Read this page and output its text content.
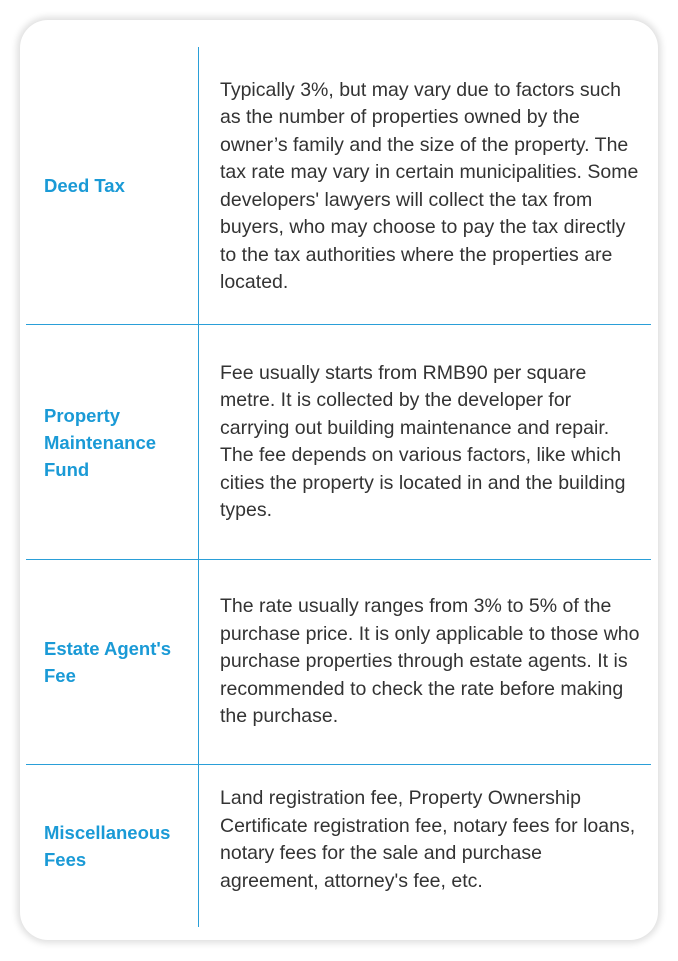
Deed Tax
Typically 3%, but may vary due to factors such as the number of properties owned by the owner’s family and the size of the property. The tax rate may vary in certain municipalities. Some developers' lawyers will collect the tax from buyers, who may choose to pay the tax directly to the tax authorities where the properties are located.
Property Maintenance Fund
Fee usually starts from RMB90 per square metre. It is collected by the developer for carrying out building maintenance and repair. The fee depends on various factors, like which cities the property is located in and the building types.
Estate Agent's Fee
The rate usually ranges from 3% to 5% of the purchase price. It is only applicable to those who purchase properties through estate agents. It is recommended to check the rate before making the purchase.
Miscellaneous Fees
Land registration fee, Property Ownership Certificate registration fee, notary fees for loans, notary fees for the sale and purchase agreement, attorney's fee, etc.
